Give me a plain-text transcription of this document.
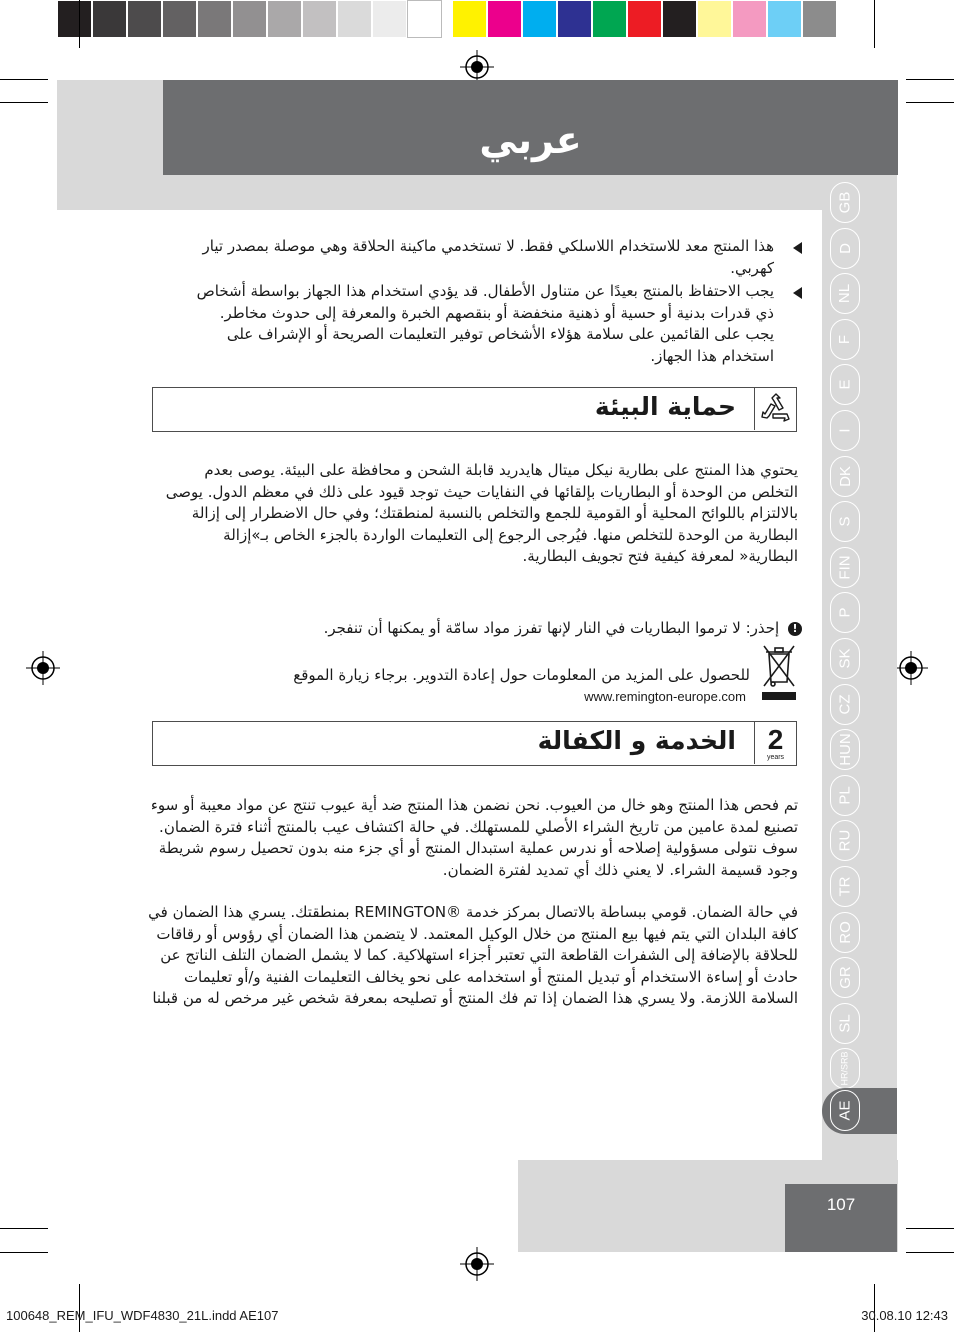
عربي
GB
D
NL
F
E
I
DK
S
FIN
P
SK
CZ
HUN
PL
RU
TR
RO
GR
SL
HR/SRB
AE
هذا المنتج معد للاستخدام اللاسلكي فقط. لا تستخدمي ماكينة الحلاقة وهي موصلة بمصدر تيار كهربي.
يجب الاحتفاظ بالمنتج بعيدًا عن متناول الأطفال. قد يؤدي استخدام هذا الجهاز بواسطة أشخاص ذي قدرات بدنية أو حسية أو ذهنية منخفضة أو بنقصهم الخبرة والمعرفة إلى حدوث مخاطر. يجب على القائمين على سلامة هؤلاء الأشخاص توفير التعليمات الصريحة أو الإشراف على استخدام هذا الجهاز.
حماية البيئة
يحتوي هذا المنتج على بطارية نيكل ميتال هايدريد قابلة الشحن و محافظة على البيئة. يوصى بعدم التخلص من الوحدة أو البطاريات بإلقائها في النفايات حيث توجد قيود على ذلك في معظم الدول. يوصى بالالتزام باللوائح المحلية أو القومية للجمع والتخلص بالنسبة لمنطقتك؛ وفي حال الاضطرار إلى إزالة البطارية من الوحدة للتخلص منها. فيُرجى الرجوع إلى التعليمات الواردة بالجزء الخاص بـ»إزالة البطارية« لمعرفة كيفية فتح تجويف البطارية.
! إحذر: لا ترموا البطاريات في النار لإنها تفرز مواد سامّة أو يمكنها أن تنفجر.
للحصول على المزيد من المعلومات حول إعادة التدوير. برجاء زيارة الموقع
www.remington-europe.com
2
years
الخدمة و الكفالة
تم فحص هذا المنتج وهو خال من العيوب. نحن نضمن هذا المنتج ضد أية عيوب تنتج عن مواد معيبة أو سوء تصنيع لمدة عامين من تاريخ الشراء الأصلي للمستهلك. في حالة اكتشاف عيب بالمنتج أثناء فترة الضمان. سوف نتولى مسؤولية إصلاحه أو ندرس عملية استبدال المنتج أو أي جزء منه بدون تحصيل رسوم شريطة وجود قسيمة الشراء. لا يعني ذلك أي تمديد لفترة الضمان.
في حالة الضمان. قومي ببساطة بالاتصال بمركز خدمة ®REMINGTON بمنطقتك. يسري هذا الضمان في كافة البلدان التي يتم فيها بيع المنتج من خلال الوكيل المعتمد. لا يتضمن هذا الضمان أي رؤوس أو رقاقات للحلاقة بالإضافة إلى الشفرات القاطعة التي تعتبر أجزاء استهلاكية. كما لا يشمل الضمان التلف الناتج عن حادث أو إساءة الاستخدام أو تبديل المنتج أو استخدامه على نحو يخالف التعليمات الفنية و/أو تعليمات السلامة اللازمة. ولا يسري هذا الضمان إذا تم فك المنتج أو تصليحه بمعرفة شخص غير مرخص له من قبلنا
107
100648_REM_IFU_WDF4830_21L.indd AE107	30.08.10 12:43
